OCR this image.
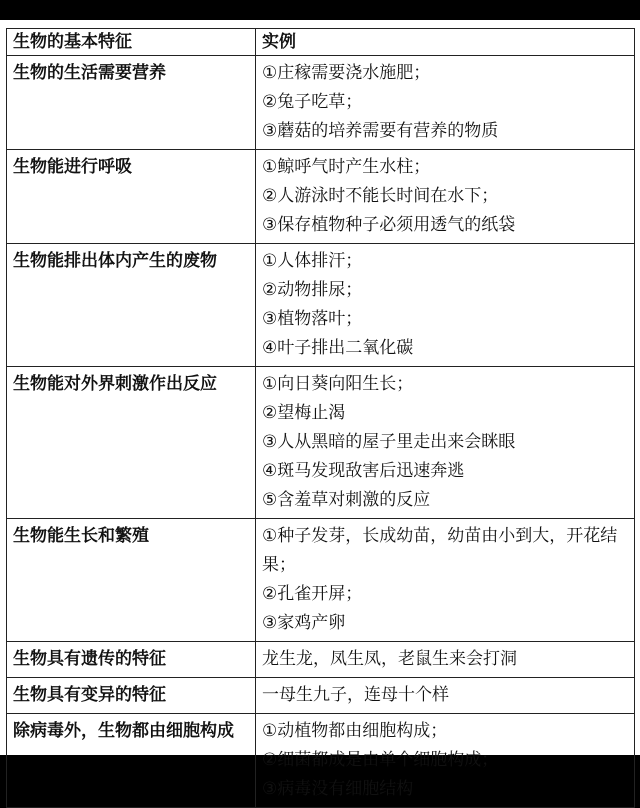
生物的基本特征	实例
生物的生活需要营养	①庄稼需要浇水施肥；
②兔子吃草；
③蘑菇的培养需要有营养的物质

生物能进行呼吸	①鲸呼气时产生水柱；
②人游泳时不能长时间在水下；
③保存植物种子必须用透气的纸袋

生物能排出体内产生的废物	①人体排汗；
②动物排尿；
③植物落叶；
④叶子排出二氧化碳

生物能对外界刺激作出反应	①向日葵向阳生长；
②望梅止渴
③人从黑暗的屋子里走出来会眯眼
④斑马发现敌害后迅速奔逃
⑤含羞草对刺激的反应

生物能生长和繁殖	①种子发芽，长成幼苗，幼苗由小到大，开花结果；
②孔雀开屏；
③家鸡产卵

生物具有遗传的特征	龙生龙，凤生凤，老鼠生来会打洞

生物具有变异的特征	一母生九子，连母十个样

除病毒外，生物都由细胞构成	①动植物都由细胞构成；
②细菌都成是由单个细胞构成；
③病毒没有细胞结构
